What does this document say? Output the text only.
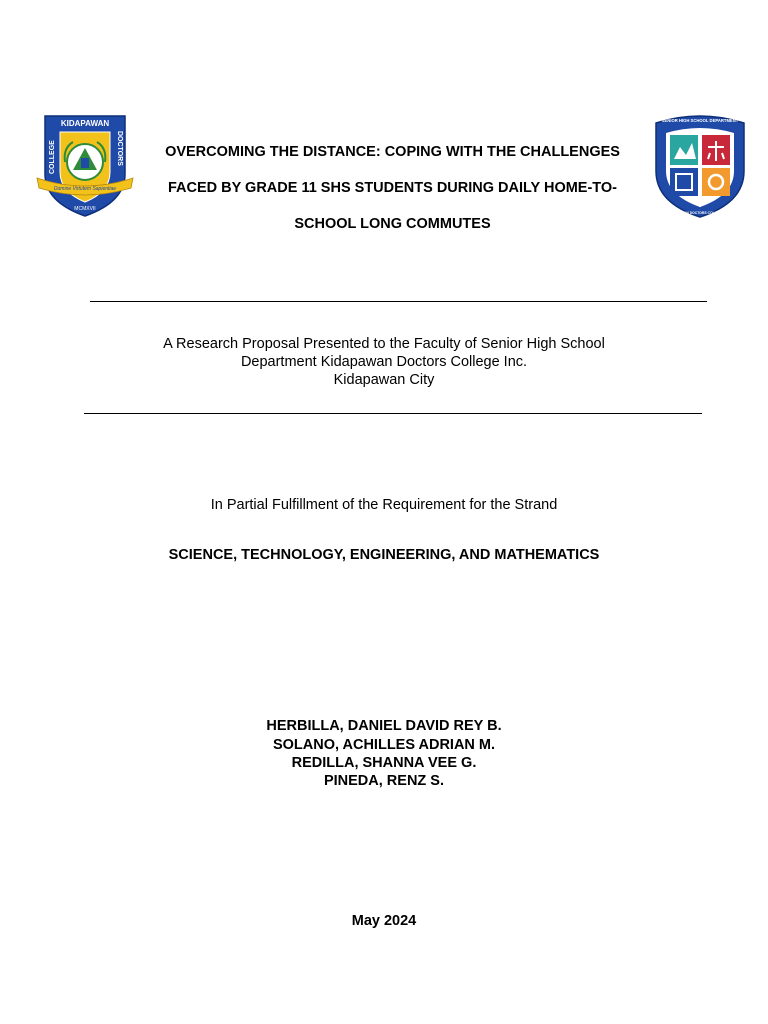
KIDAPAWAN
COLLEGE	DOCTORS
Domine Virtutem Sapientiae
MCMXVII
SENIOR HIGH SCHOOL DEPARTMENT
KIDAPAWAN DOCTORS COLLEGE INC.
OVERCOMING THE DISTANCE: COPING WITH THE CHALLENGES
FACED BY GRADE 11 SHS STUDENTS DURING DAILY HOME-TO-
SCHOOL LONG COMMUTES
A Research Proposal Presented to the Faculty of Senior High School
Department Kidapawan Doctors College Inc.
Kidapawan City
In Partial Fulfillment of the Requirement for the Strand
SCIENCE, TECHNOLOGY, ENGINEERING, AND MATHEMATICS
HERBILLA, DANIEL DAVID REY B.
SOLANO, ACHILLES ADRIAN M.
REDILLA, SHANNA VEE G.
PINEDA, RENZ S.
May 2024
